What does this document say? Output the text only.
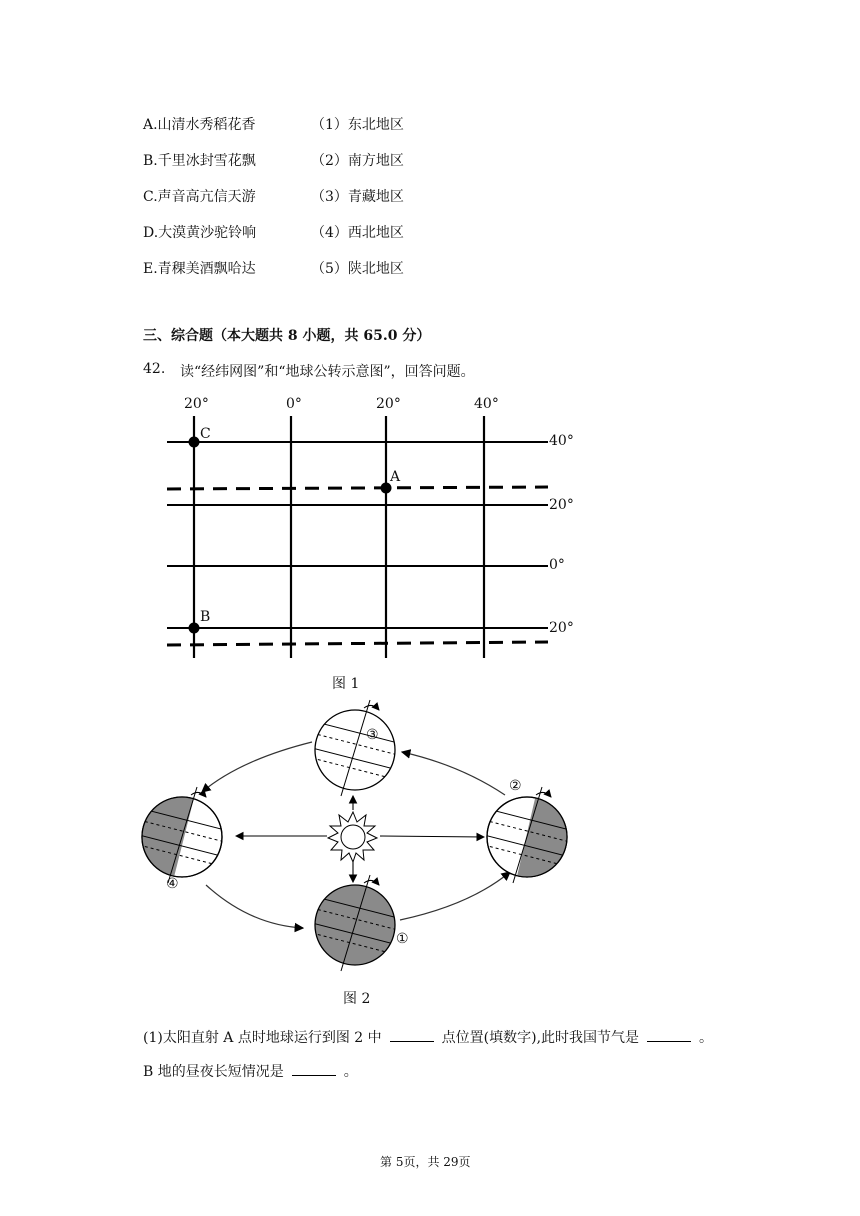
A.山清水秀稻花香	（1）东北地区
B.千里冰封雪花飘	（2）南方地区
C.声音高亢信天游	（3）青藏地区
D.大漠黄沙驼铃响	（4）西北地区
E.青稞美酒飘哈达	（5）陕北地区
三、综合题（本大题共 8 小题，共 65.0 分）
42. 读“经纬网图”和“地球公转示意图”，回答问题。
20°	0°	20°	40°
40°
20°
0°
20°
C
A
B
图 1
③
②
④
①
图 2
(1)太阳直射 A 点时地球运行到图 2 中	点位置(填数字),此时我国节气是	。
B 地的昼夜长短情况是	。
第 5页，共 29页
